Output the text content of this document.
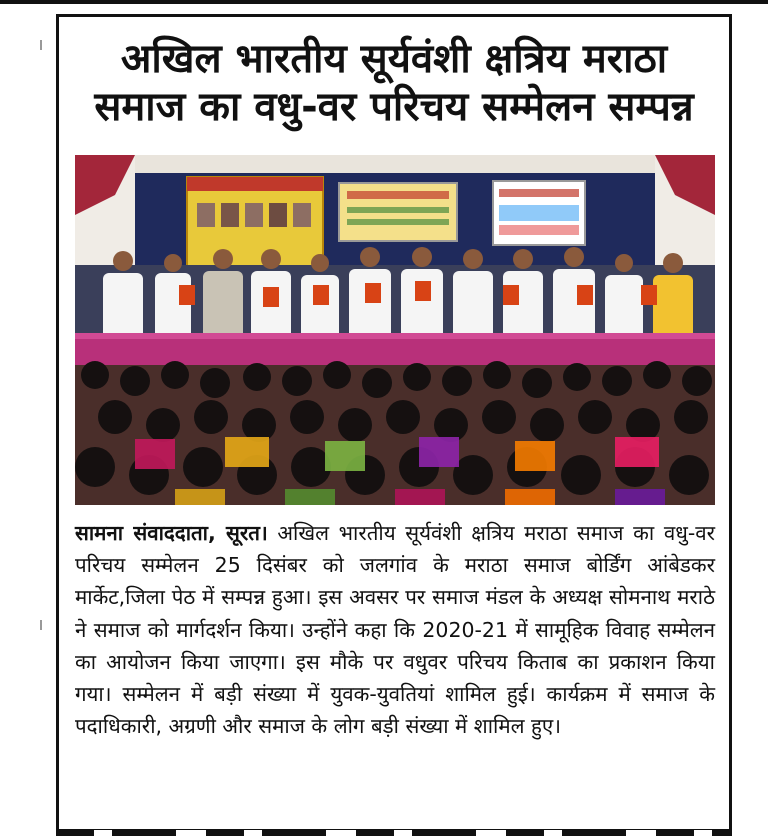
अखिल भारतीय सूर्यवंशी क्षत्रिय मराठा
समाज का वधु-वर परिचय सम्मेलन सम्पन्न
सामना संवाददाता, सूरत। अखिल भारतीय सूर्यवंशी क्षत्रिय मराठा समाज का वधु-वर परिचय सम्मेलन 25 दिसंबर को जलगांव के मराठा समाज बोर्डिंग आंबेडकर मार्केट,जिला पेठ में सम्पन्न हुआ। इस अवसर पर समाज मंडल के अध्यक्ष सोमनाथ मराठे ने समाज को मार्गदर्शन किया। उन्होंने कहा कि 2020-21 में सामूहिक विवाह सम्मेलन का आयोजन किया जाएगा। इस मौके पर वधुवर परिचय किताब का प्रकाशन किया गया। सम्मेलन में बड़ी संख्या में युवक-युवतियां शामिल हुई। कार्यक्रम में समाज के पदाधिकारी, अग्रणी और समाज के लोग बड़ी संख्या में शामिल हुए।
